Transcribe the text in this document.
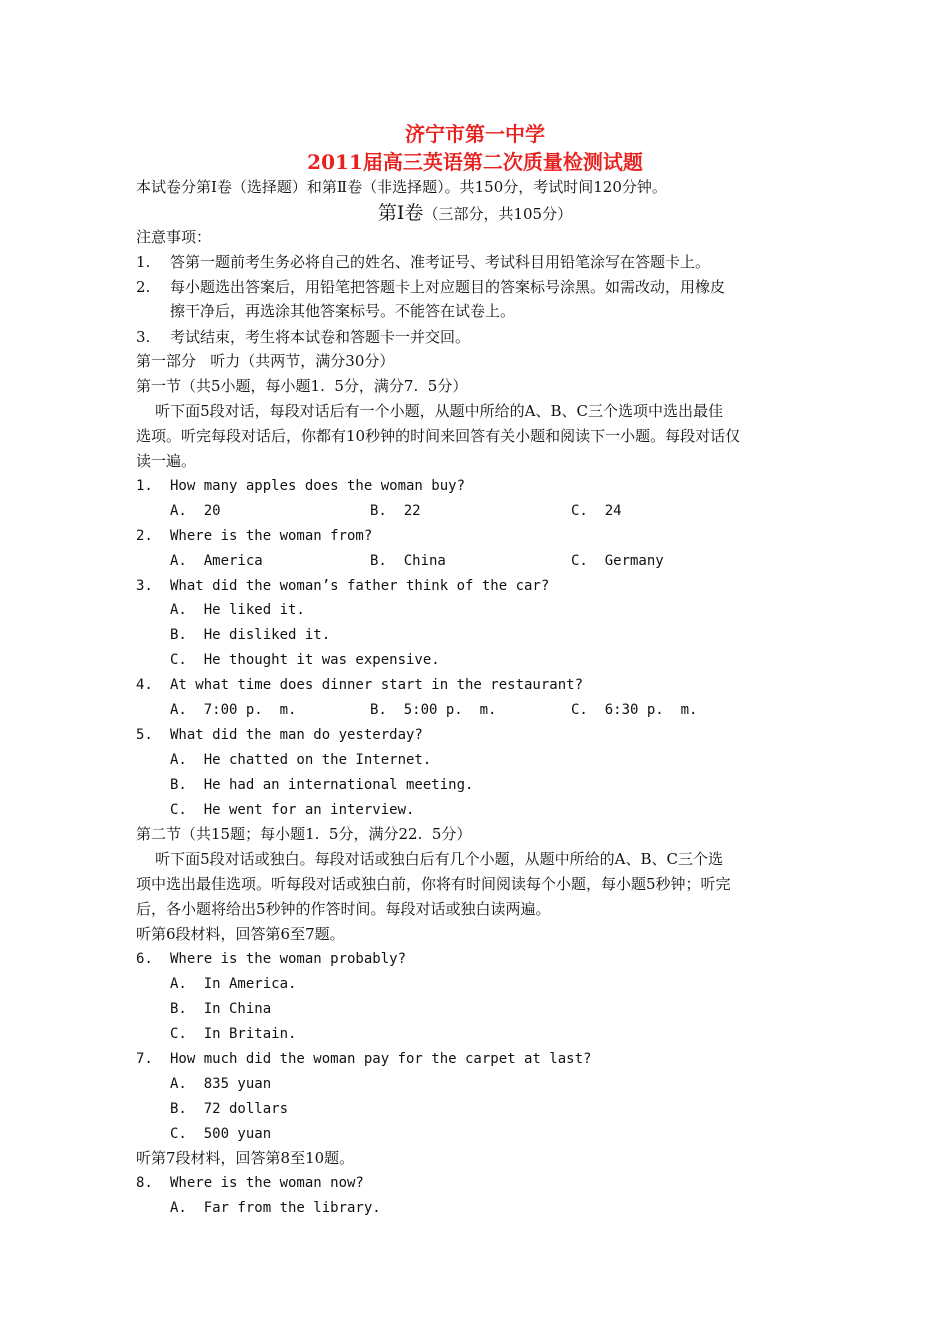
济宁市第一中学
2011届高三英语第二次质量检测试题
本试卷分第Ⅰ卷（选择题）和第Ⅱ卷（非选择题）。共150分，考试时间120分钟。
第Ⅰ卷（三部分，共105分）
注意事项：
1. 答第一题前考生务必将自己的姓名、准考证号、考试科目用铅笔涂写在答题卡上。
2. 每小题选出答案后，用铅笔把答题卡上对应题目的答案标号涂黑。如需改动，用橡皮
擦干净后，再选涂其他答案标号。不能答在试卷上。
3. 考试结束，考生将本试卷和答题卡一并交回。
第一部分   听力（共两节，满分30分）
第一节（共5小题，每小题1.  5分，满分7.  5分）
听下面5段对话，每段对话后有一个小题，从题中所给的A、B、C三个选项中选出最佳
选项。听完每段对话后，你都有10秒钟的时间来回答有关小题和阅读下一小题。每段对话仅
读一遍。
1. How many apples does the woman buy?
A.  20	B.  22	C.  24
2. Where is the woman from?
A.  America	B.  China	C.  Germany
3. What did the woman’s father think of the car?
A.  He liked it.
B.  He disliked it.
C.  He thought it was expensive.
4. At what time does dinner start in the restaurant?
A.  7:00 p.  m.	B.  5:00 p.  m.	C.  6:30 p.  m.
5. What did the man do yesterday?
A.  He chatted on the Internet.
B.  He had an international meeting.
C.  He went for an interview.
第二节（共15题；每小题1.  5分，满分22.  5分）
听下面5段对话或独白。每段对话或独白后有几个小题，从题中所给的A、B、C三个选
项中选出最佳选项。听每段对话或独白前，你将有时间阅读每个小题，每小题5秒钟；听完
后，各小题将给出5秒钟的作答时间。每段对话或独白读两遍。
听第6段材料，回答第6至7题。
6. Where is the woman probably?
A.  In America.
B.  In China
C.  In Britain.
7. How much did the woman pay for the carpet at last?
A.  835 yuan
B.  72 dollars
C.  500 yuan
听第7段材料，回答第8至10题。
8. Where is the woman now?
A.  Far from the library.
